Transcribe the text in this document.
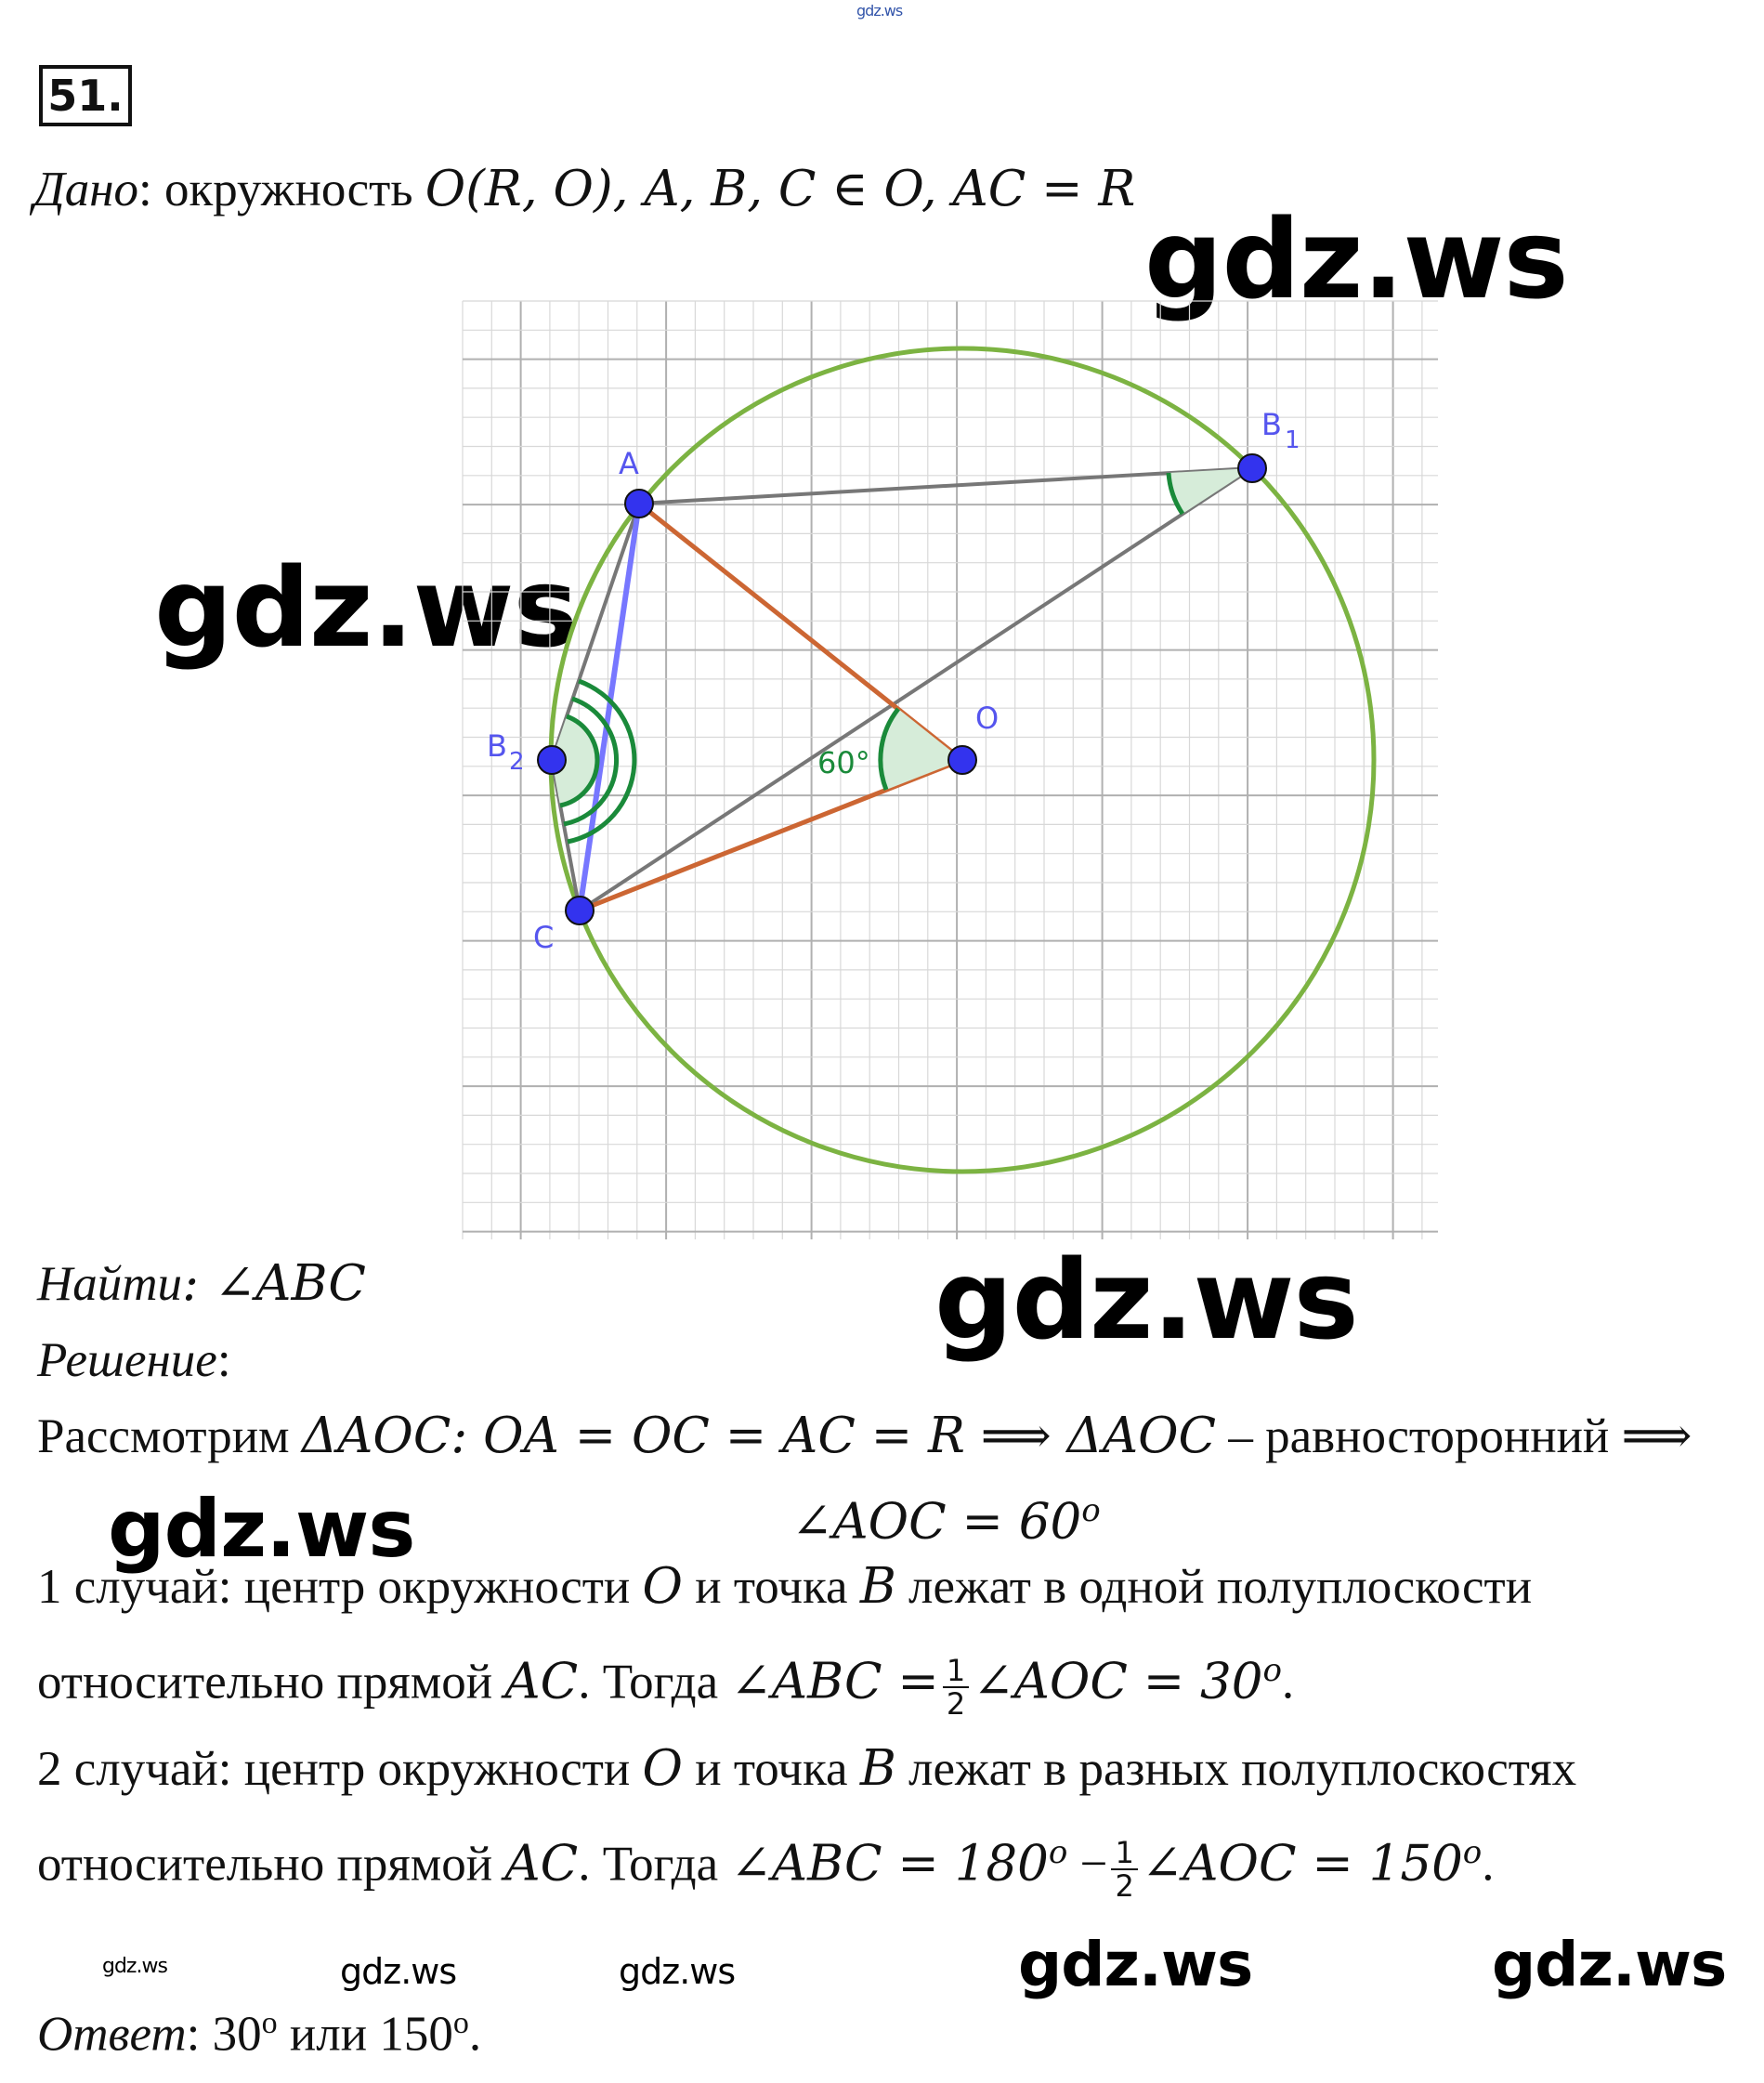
gdz.ws
51.
Дано: окружность O(R, O), A, B, C ∈ O, AC = R
gdz.ws
gdz.ws
A
B 1
B 2
C
O
60°
Найти: ∠ABC	gdz.ws
Решение:
Рассмотрим ΔAOC: OA = OC = AC = R ⟹ ΔAOC – равносторонний ⟹
gdz.ws	∠AOC = $60^o$
1 случай: центр окружности O и точка B лежат в одной полуплоскости
относительно прямой AC. Тогда ∠ABC = $\frac{1}{2}$ ∠AOC = $30^o$.
2 случай: центр окружности O и точка B лежат в разных полуплоскостях
относительно прямой AC. Тогда ∠ABC = $180^o - \frac{1}{2}$ ∠AOC = $150^o$.
gdz.ws	gdz.ws	gdz.ws	gdz.ws	gdz.ws
Ответ: 30$^o$ или 150$^o$.
